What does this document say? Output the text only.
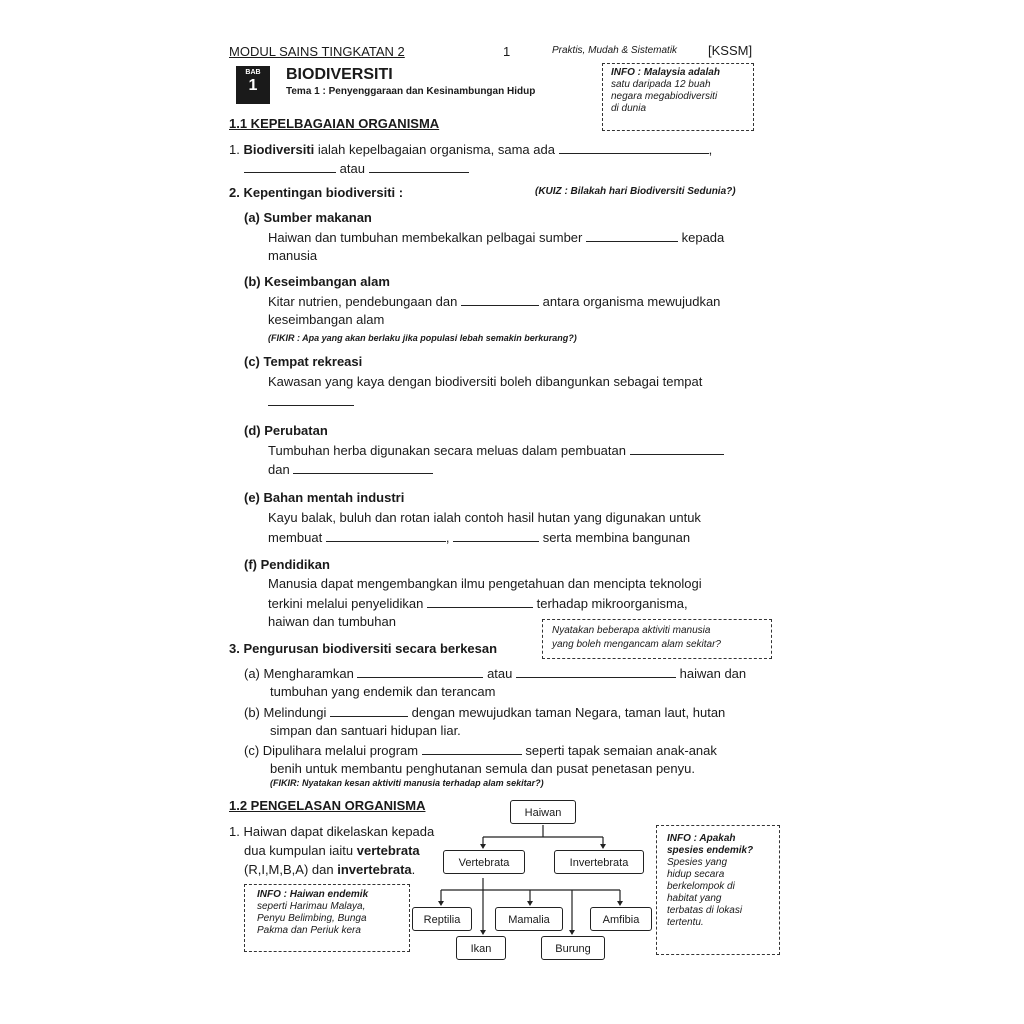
MODUL SAINS TINGKATAN 2	1	Praktis, Mudah & Sistematik [KSSM]
BAB
1
BIODIVERSITI
Tema 1 : Penyenggaraan dan Kesinambungan Hidup
INFO : Malaysia adalah
satu daripada 12 buah
negara megabiodiversiti
di dunia
1.1 KEPELBAGAIAN ORGANISMA
1. Biodiversiti ialah kepelbagaian organisma, sama ada	,
atau
2. Kepentingan biodiversiti :	(KUIZ : Bilakah hari Biodiversiti Sedunia?)
(a) Sumber makanan
Haiwan dan tumbuhan membekalkan pelbagai sumber	kepada
manusia
(b) Keseimbangan alam
Kitar nutrien, pendebungaan dan	antara organisma mewujudkan
keseimbangan alam
(FIKIR : Apa yang akan berlaku jika populasi lebah semakin berkurang?)
(c) Tempat rekreasi
Kawasan yang kaya dengan biodiversiti boleh dibangunkan sebagai tempat
(d) Perubatan
Tumbuhan herba digunakan secara meluas dalam pembuatan
dan
(e) Bahan mentah industri
Kayu balak, buluh dan rotan ialah contoh hasil hutan yang digunakan untuk
membuat	,	serta membina bangunan
(f) Pendidikan
Manusia dapat mengembangkan ilmu pengetahuan dan mencipta teknologi
terkini melalui penyelidikan	terhadap mikroorganisma,
haiwan dan tumbuhan
3. Pengurusan biodiversiti secara berkesan
Nyatakan beberapa aktiviti manusia
yang boleh mengancam alam sekitar?
(a) Mengharamkan	atau	haiwan dan
tumbuhan yang endemik dan terancam
(b) Melindungi	dengan mewujudkan taman Negara, taman laut, hutan
simpan dan santuari hidupan liar.
(c) Dipulihara melalui program	seperti tapak semaian anak-anak
benih untuk membantu penghutanan semula dan pusat penetasan penyu.
(FIKIR: Nyatakan kesan aktiviti manusia terhadap alam sekitar?)
1.2 PENGELASAN ORGANISMA
1. Haiwan dapat dikelaskan kepada
dua kumpulan iaitu vertebrata
(R,I,M,B,A) dan invertebrata.
INFO : Haiwan endemik
seperti Harimau Malaya,
Penyu Belimbing, Bunga
Pakma dan Periuk kera
INFO : Apakah
spesies endemik?
Spesies yang
hidup secara
berkelompok di
habitat yang
terbatas di lokasi
tertentu.
Haiwan
Vertebrata	Invertebrata
Reptilia	Mamalia	Amfibia
Ikan	Burung
